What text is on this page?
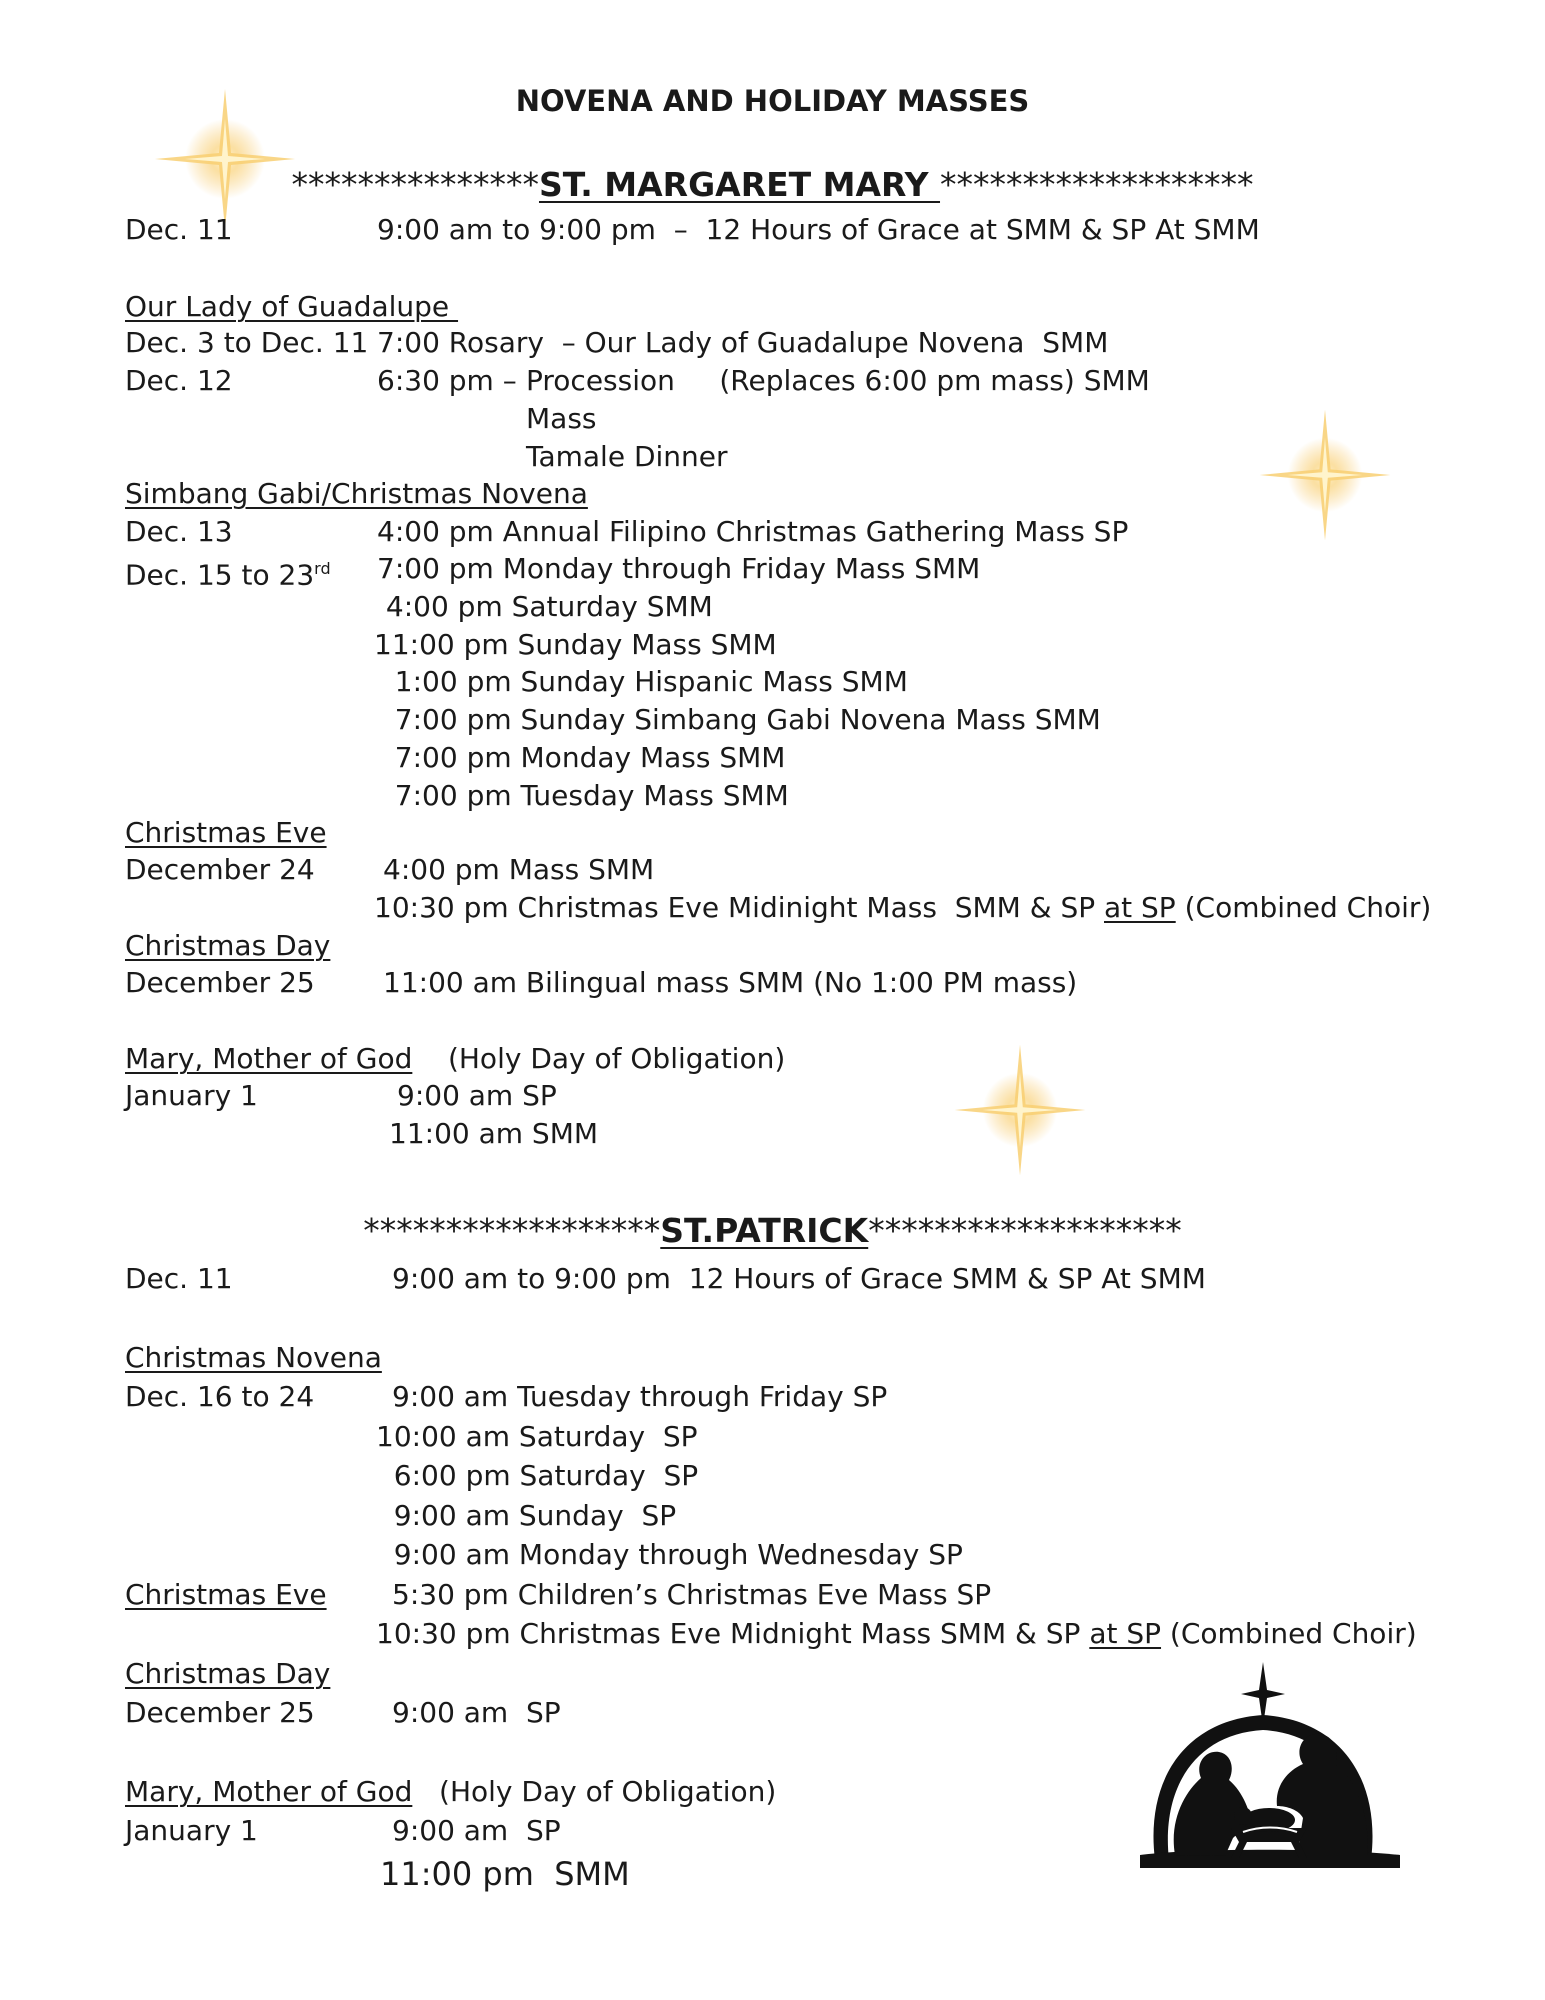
NOVENA AND HOLIDAY MASSES
***************ST. MARGARET MARY *******************
Dec. 11	9:00 am to 9:00 pm  –  12 Hours of Grace at SMM & SP At SMM
Our Lady of Guadalupe
Dec. 3 to Dec. 11 7:00 Rosary  – Our Lady of Guadalupe Novena  SMM
Dec. 12	6:30 pm – Procession     (Replaces 6:00 pm mass) SMM
Mass
Tamale Dinner
Simbang Gabi/Christmas Novena
Dec. 13	4:00 pm Annual Filipino Christmas Gathering Mass SP
Dec. 15 to 23rd 7:00 pm Monday through Friday Mass SMM
4:00 pm Saturday SMM
11:00 pm Sunday Mass SMM
1:00 pm Sunday Hispanic Mass SMM
7:00 pm Sunday Simbang Gabi Novena Mass SMM
7:00 pm Monday Mass SMM
7:00 pm Tuesday Mass SMM
Christmas Eve
December 24 4:00 pm Mass SMM
10:30 pm Christmas Eve Midinight Mass  SMM & SP at SP (Combined Choir)
Christmas Day
December 25 11:00 am Bilingual mass SMM (No 1:00 PM mass)
Mary, Mother of God (Holy Day of Obligation)
January 1	9:00 am SP
11:00 am SMM
******************ST.PATRICK*******************
Dec. 11	9:00 am to 9:00 pm  12 Hours of Grace SMM & SP At SMM
Christmas Novena
Dec. 16 to 24	9:00 am Tuesday through Friday SP
10:00 am Saturday  SP
6:00 pm Saturday  SP
9:00 am Sunday  SP
9:00 am Monday through Wednesday SP
Christmas Eve 5:30 pm Children’s Christmas Eve Mass SP
10:30 pm Christmas Eve Midnight Mass SMM & SP at SP (Combined Choir)
Christmas Day
December 25	9:00 am  SP
Mary, Mother of God (Holy Day of Obligation)
January 1	9:00 am  SP
11:00 pm  SMM
